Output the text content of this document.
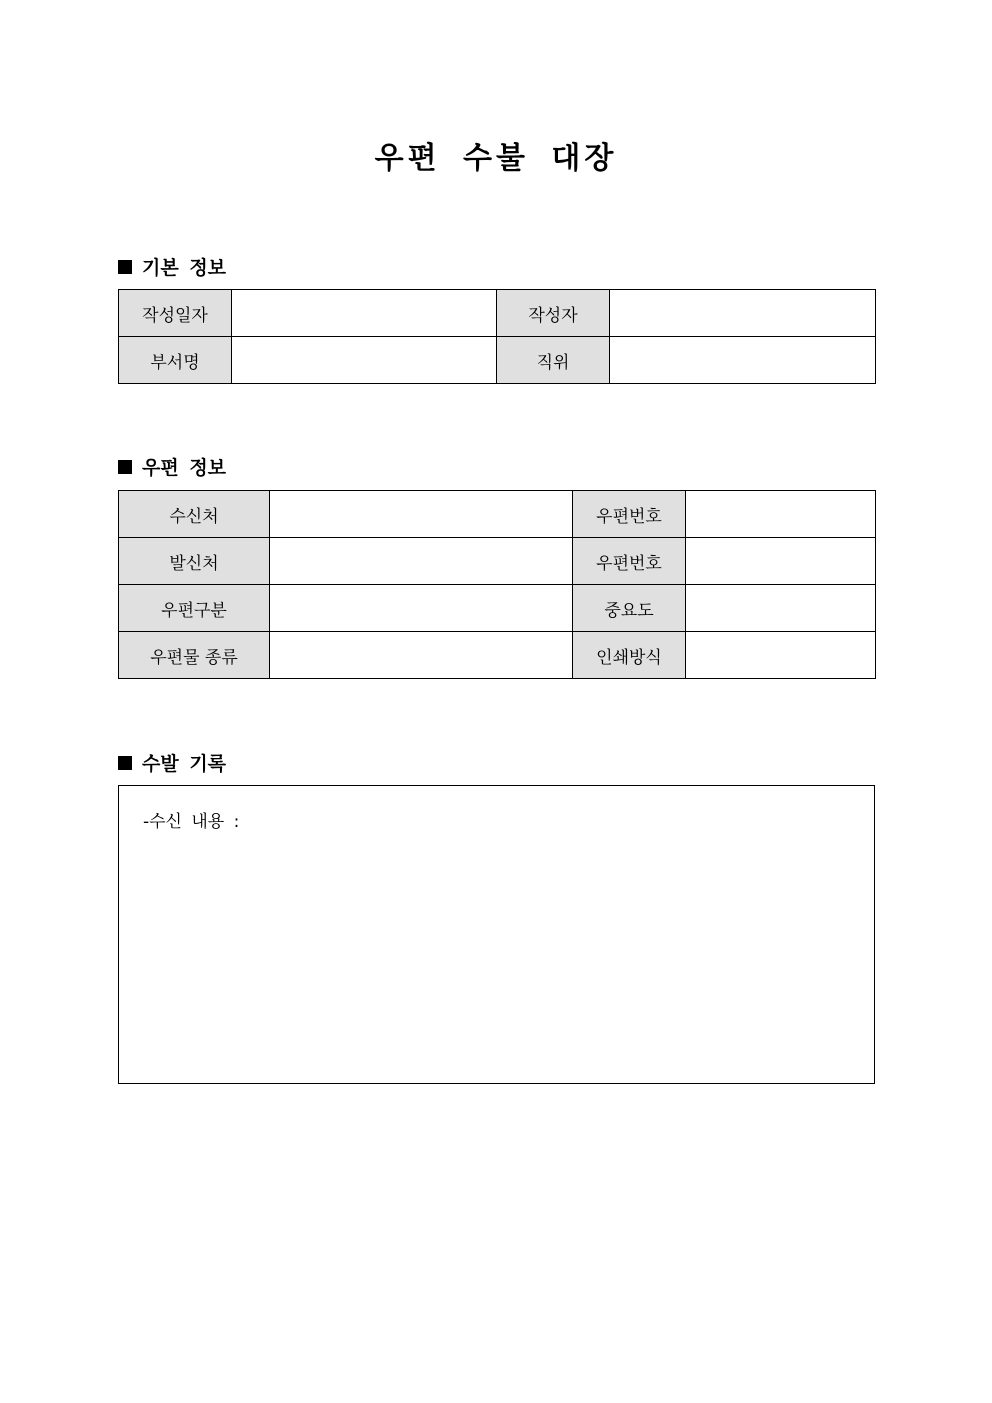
우편 수불 대장
기본 정보
작성일자		작성자	
부서명		직위	
우편 정보
수신처		우편번호	
발신처		우편번호	
우편구분		중요도	
우편물 종류		인쇄방식	
수발 기록
-수신 내용 :
